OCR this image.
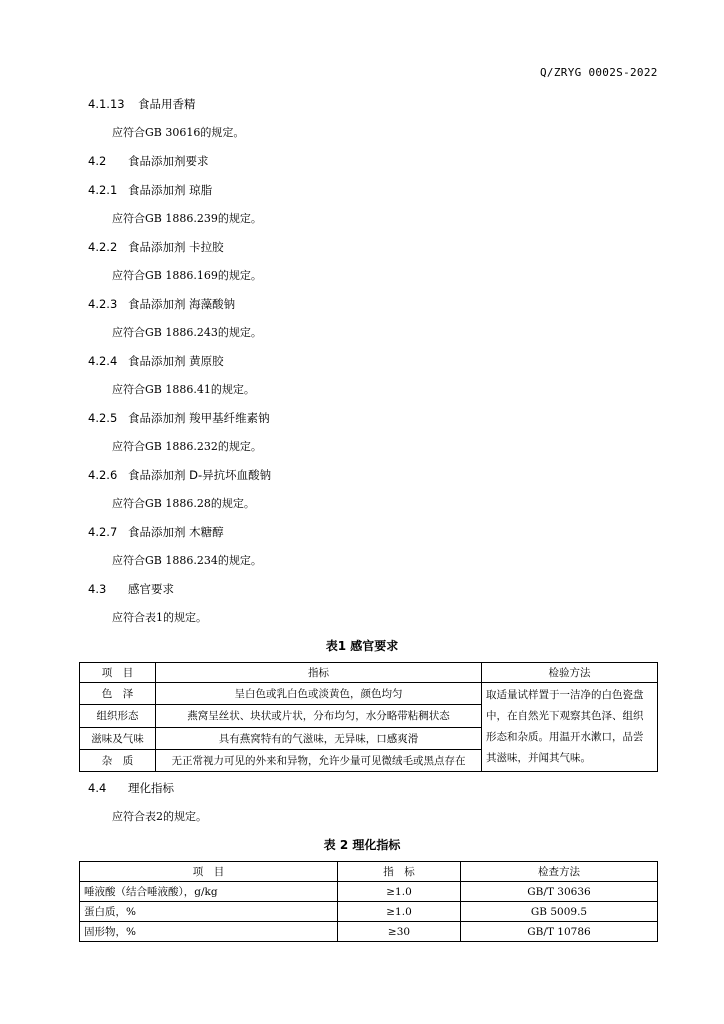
Q/ZRYG 0002S-2022
4.1.13 食品用香精
应符合GB 30616的规定。
4.2 食品添加剂要求
4.2.1 食品添加剂 琼脂
应符合GB 1886.239的规定。
4.2.2 食品添加剂 卡拉胶
应符合GB 1886.169的规定。
4.2.3 食品添加剂 海藻酸钠
应符合GB 1886.243的规定。
4.2.4 食品添加剂 黄原胶
应符合GB 1886.41的规定。
4.2.5 食品添加剂 羧甲基纤维素钠
应符合GB 1886.232的规定。
4.2.6 食品添加剂 D-异抗坏血酸钠
应符合GB 1886.28的规定。
4.2.7 食品添加剂 木糖醇
应符合GB 1886.234的规定。
4.3 感官要求
应符合表1的规定。
表1 感官要求
项　目	指标	检验方法
色　泽	呈白色或乳白色或淡黄色，颜色均匀	取适量试样置于一洁净的白色瓷盘中，在自然光下观察其色泽、组织形态和杂质。用温开水漱口，品尝其滋味，并闻其气味。
组织形态	燕窝呈丝状、块状或片状，分布均匀，水分略带粘稠状态	
滋味及气味	具有燕窝特有的气滋味，无异味，口感爽滑	
杂　质	无正常视力可见的外来和异物，允许少量可见微绒毛或黑点存在	
4.4 理化指标
应符合表2的规定。
表 2 理化指标
项　目	指　标	检查方法
唾液酸（结合唾液酸），g/kg	≥1.0	GB/T 30636
蛋白质，%	≥1.0	GB 5009.5
固形物，%	≥30	GB/T 10786
